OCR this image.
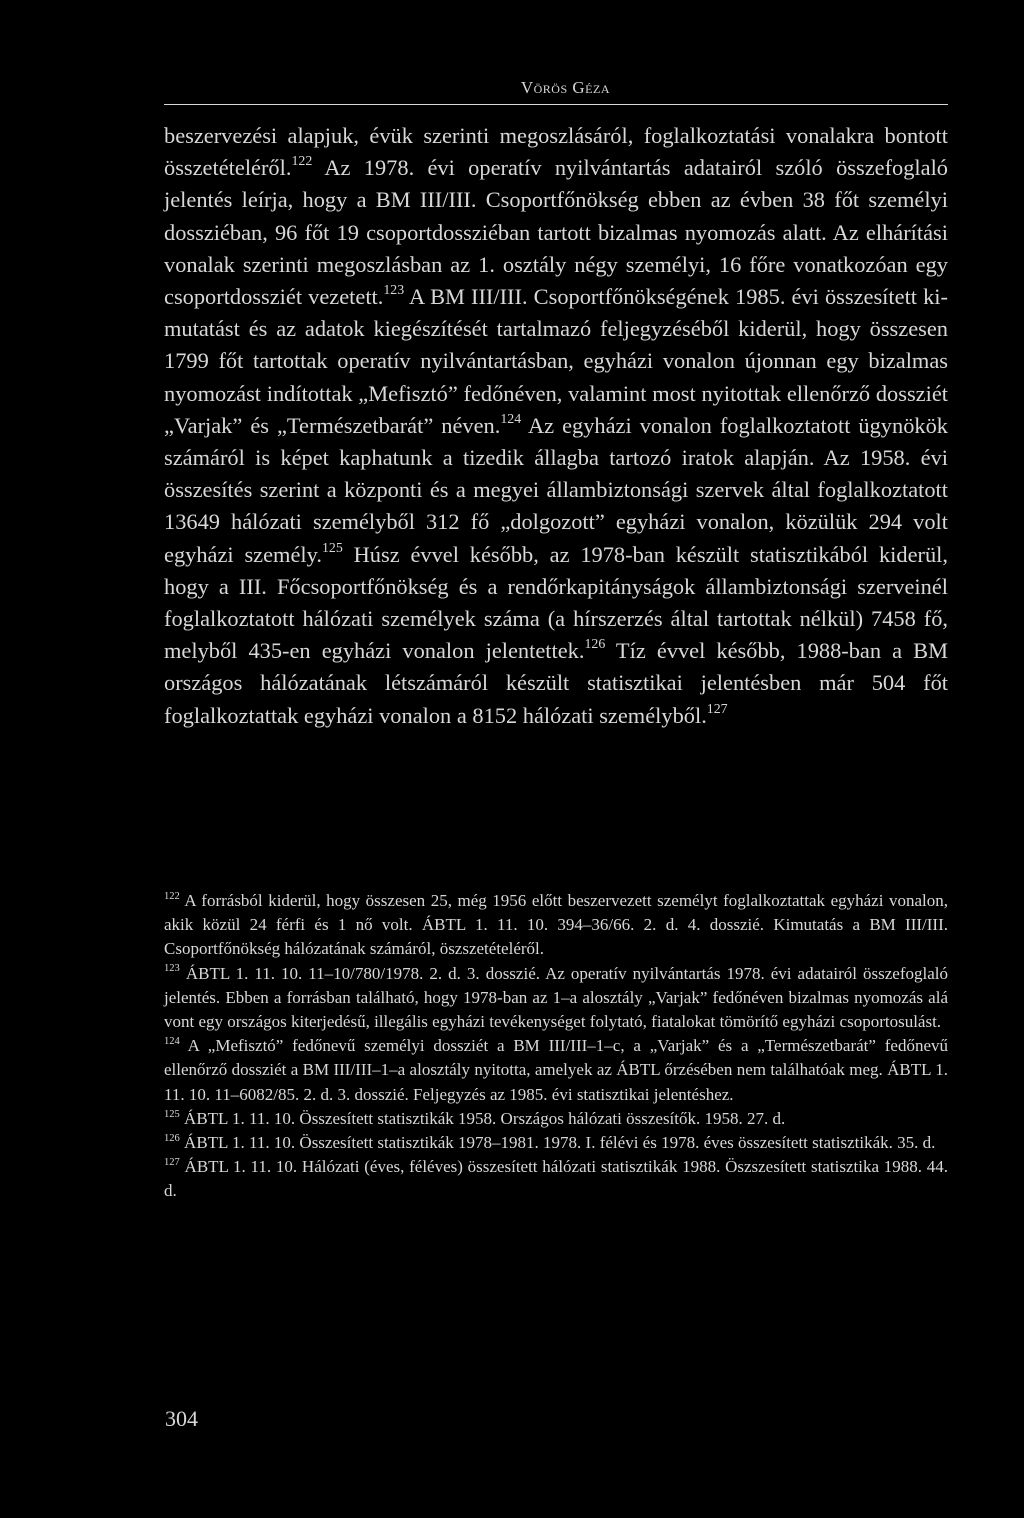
Vörös Géza
beszervezési alapjuk, évük szerinti megoszlásáról, foglalkoztatási vonalakra bontott összetételéről.$^{122}$ Az 1978. évi operatív nyilvántartás adatairól szóló összefoglaló jelentés leírja, hogy a BM III/III. Csoportfőnökség ebben az évben 38 főt személyi dossziéban, 96 főt 19 csoportdossziéban tartott bizalmas nyomozás alatt. Az elhárítási vonalak szerinti megoszlásban az 1. osztály négy személyi, 16 főre vonatkozóan egy csoportdossziét vezetett.$^{123}$ A BM III/III. Csoportfőnökségének 1985. évi összesített kimutatást és az adatok kiegészítését tartalmazó feljegyzéséből kiderül, hogy összesen 1799 főt tartottak operatív nyilvántartásban, egyházi vonalon újonnan egy bizalmas nyomozást indítottak „Mefisztó” fedőnéven, valamint most nyitottak ellenőrző dossziét „Varjak” és „Természetbarát” néven.$^{124}$ Az egyházi vonalon foglalkoztatott ügynökök számáról is képet kaphatunk a tizedik állagba tartozó iratok alapján. Az 1958. évi összesítés szerint a központi és a megyei állambiztonsági szervek által foglalkoztatott 13649 hálózati személyből 312 fő „dolgozott” egyházi vonalon, közülük 294 volt egyházi személy.$^{125}$ Húsz évvel később, az 1978-ban készült statisztikából kiderül, hogy a III. Főcsoportfőnökség és a rendőrkapitányságok állambiztonsági szerveinél foglalkoztatott hálózati személyek száma (a hírszerzés által tartottak nélkül) 7458 fő, melyből 435-en egyházi vonalon jelentettek.$^{126}$ Tíz évvel később, 1988-ban a BM országos hálózatának létszámáról készült statisztikai jelentésben már 504 főt foglalkoztattak egyházi vonalon a 8152 hálózati személyből.$^{127}$

$^{122}$ A forrásból kiderül, hogy összesen 25, még 1956 előtt beszervezett személyt foglalkoztattak egyházi vonalon, akik közül 24 férfi és 1 nő volt. ÁBTL 1. 11. 10. 394–36/66. 2. d. 4. dosszié. Kimutatás a BM III/III. Csoportfőnökség hálózatának számáról, öszszetételéről.

$^{123}$ ÁBTL 1. 11. 10. 11–10/780/1978. 2. d. 3. dosszié. Az operatív nyilvántartás 1978. évi adatairól összefoglaló jelentés. Ebben a forrásban található, hogy 1978-ban az 1–a alosztály „Varjak” fedőnéven bizalmas nyomozás alá vont egy országos kiterjedésű, illegális egyházi tevékenységet folytató, fiatalokat tömörítő egyházi csoportosulást.

$^{124}$ A „Mefisztó” fedőnevű személyi dossziét a BM III/III–1–c, a „Varjak” és a „Természetbarát” fedőnevű ellenőrző dossziét a BM III/III–1–a alosztály nyitotta, amelyek az ÁBTL őrzésében nem találhatóak meg. ÁBTL 1. 11. 10. 11–6082/85. 2. d. 3. dosszié. Feljegyzés az 1985. évi statisztikai jelentéshez.

$^{125}$ ÁBTL 1. 11. 10. Összesített statisztikák 1958. Országos hálózati összesítők. 1958. 27. d.

$^{126}$ ÁBTL 1. 11. 10. Összesített statisztikák 1978–1981. 1978. I. félévi és 1978. éves összesített statisztikák. 35. d.

$^{127}$ ÁBTL 1. 11. 10. Hálózati (éves, féléves) összesített hálózati statisztikák 1988. Öszszesített statisztika 1988. 44. d.

304
